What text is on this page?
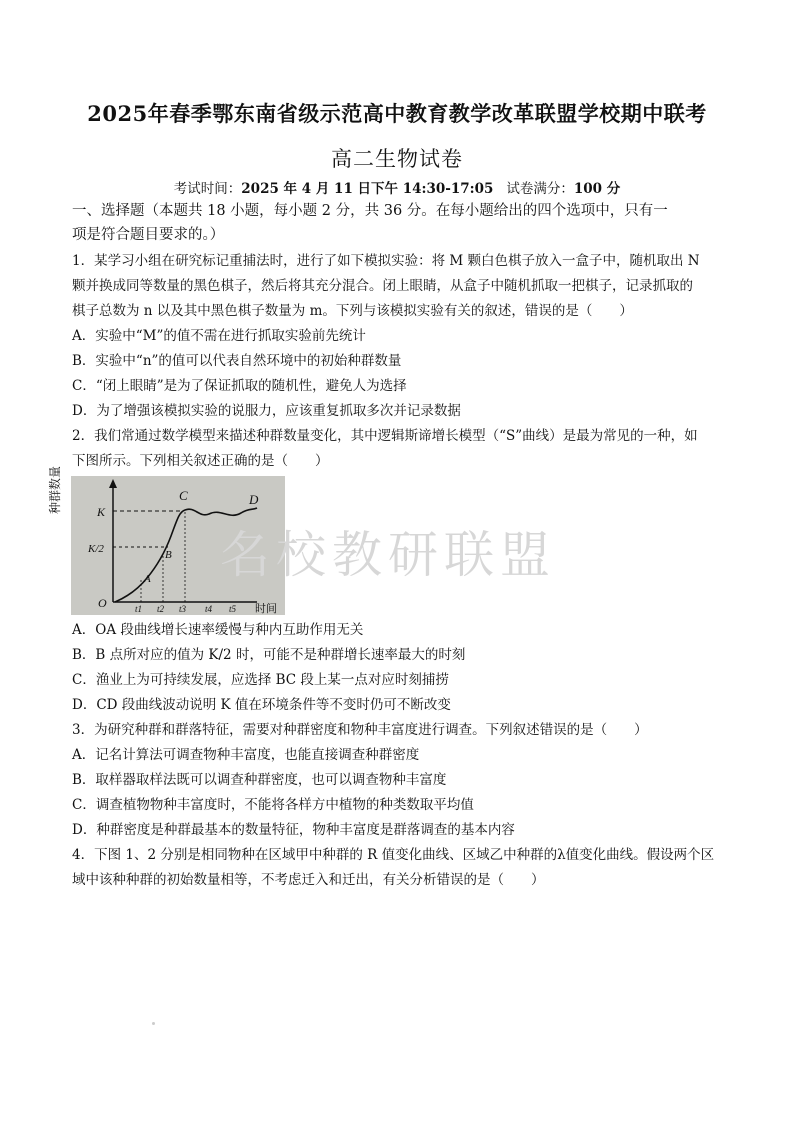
2025年春季鄂东南省级示范高中教育教学改革联盟学校期中联考
高二生物试卷
考试时间：2025 年 4 月 11 日下午 14:30-17:05 试卷满分：100 分
一、选择题（本题共 18 小题，每小题 2 分，共 36 分。在每小题给出的四个选项中，只有一
项是符合题目要求的。）
1．某学习小组在研究标记重捕法时，进行了如下模拟实验：将 M 颗白色棋子放入一盒子中，随机取出 N
颗并换成同等数量的黑色棋子，然后将其充分混合。闭上眼睛，从盒子中随机抓取一把棋子，记录抓取的
棋子总数为 n 以及其中黑色棋子数量为 m。下列与该模拟实验有关的叙述，错误的是（　　）
A．实验中“M”的值不需在进行抓取实验前先统计
B．实验中“n”的值可以代表自然环境中的初始种群数量
C．“闭上眼睛”是为了保证抓取的随机性，避免人为选择
D．为了增强该模拟实验的说服力，应该重复抓取多次并记录数据
2．我们常通过数学模型来描述种群数量变化，其中逻辑斯谛增长模型（“S”曲线）是最为常见的一种，如
下图所示。下列相关叙述正确的是（　　）
A
B
C	D
K
K/2
O
种群数量
时间
t1 t2 t3 t4 t5
名校教研联盟
A．OA 段曲线增长速率缓慢与种内互助作用无关
B．B 点所对应的值为 K/2 时，可能不是种群增长速率最大的时刻
C．渔业上为可持续发展，应选择 BC 段上某一点对应时刻捕捞
D．CD 段曲线波动说明 K 值在环境条件等不变时仍可不断改变
3．为研究种群和群落特征，需要对种群密度和物种丰富度进行调查。下列叙述错误的是（　　）
A．记名计算法可调查物种丰富度，也能直接调查种群密度
B．取样器取样法既可以调查种群密度，也可以调查物种丰富度
C．调查植物物种丰富度时，不能将各样方中植物的种类数取平均值
D．种群密度是种群最基本的数量特征，物种丰富度是群落调查的基本内容
4．下图 1、2 分别是相同物种在区域甲中种群的 R 值变化曲线、区域乙中种群的λ值变化曲线。假设两个区
域中该种种群的初始数量相等，不考虑迁入和迁出，有关分析错误的是（　　）
